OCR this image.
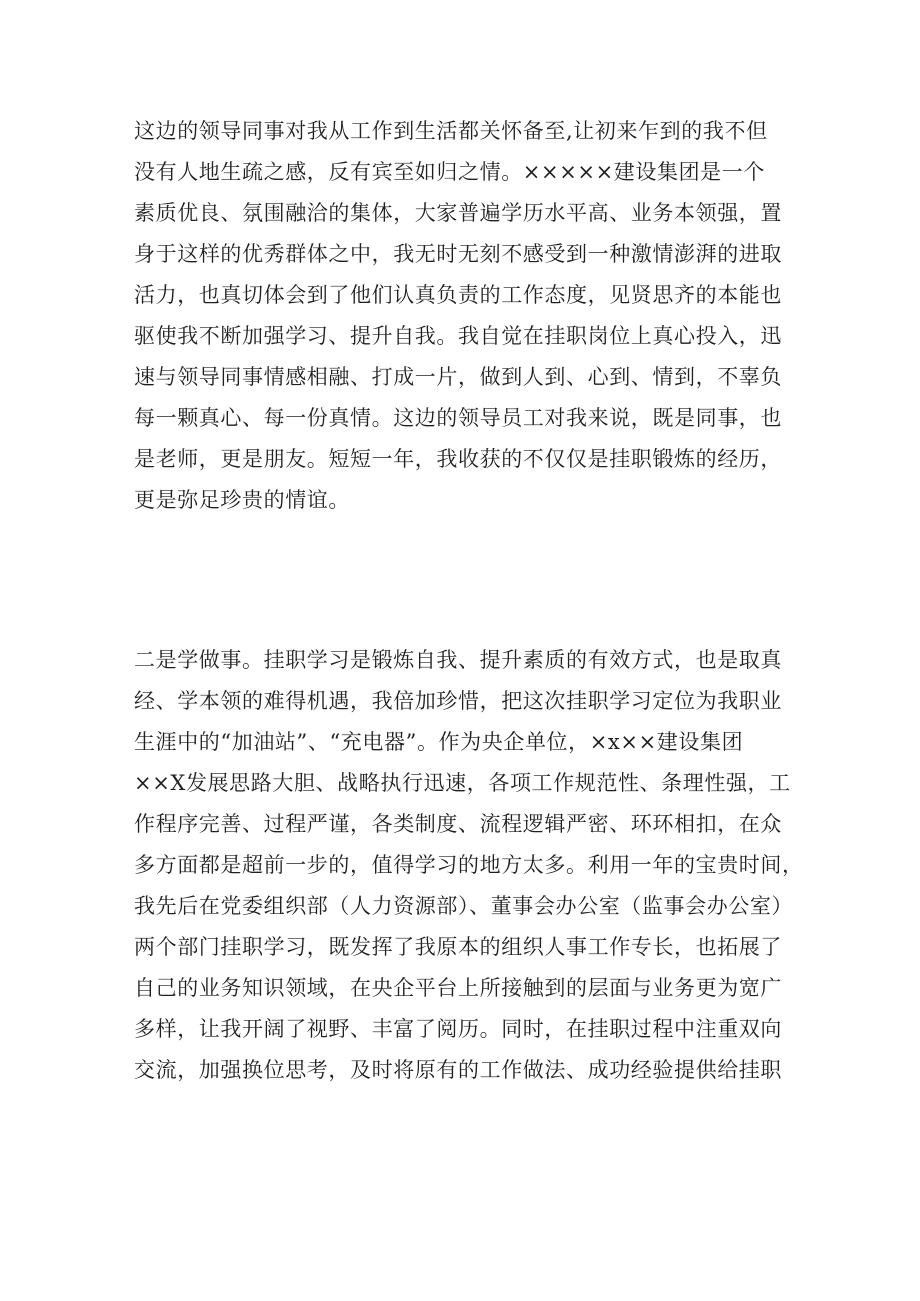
这边的领导同事对我从工作到生活都关怀备至,让初来乍到的我不但
没有人地生疏之感，反有宾至如归之情。×××××建设集团是一个
素质优良、氛围融洽的集体，大家普遍学历水平高、业务本领强，置
身于这样的优秀群体之中，我无时无刻不感受到一种激情澎湃的进取
活力，也真切体会到了他们认真负责的工作态度，见贤思齐的本能也
驱使我不断加强学习、提升自我。我自觉在挂职岗位上真心投入，迅
速与领导同事情感相融、打成一片，做到人到、心到、情到，不辜负
每一颗真心、每一份真情。这边的领导员工对我来说，既是同事，也
是老师，更是朋友。短短一年，我收获的不仅仅是挂职锻炼的经历，
更是弥足珍贵的情谊。
二是学做事。挂职学习是锻炼自我、提升素质的有效方式，也是取真
经、学本领的难得机遇，我倍加珍惜，把这次挂职学习定位为我职业
生涯中的“加油站”、“充电器”。作为央企单位，×x××建设集团
××X发展思路大胆、战略执行迅速，各项工作规范性、条理性强，工
作程序完善、过程严谨，各类制度、流程逻辑严密、环环相扣，在众
多方面都是超前一步的，值得学习的地方太多。利用一年的宝贵时间，
我先后在党委组织部（人力资源部）、董事会办公室（监事会办公室）
两个部门挂职学习，既发挥了我原本的组织人事工作专长，也拓展了
自己的业务知识领域，在央企平台上所接触到的层面与业务更为宽广
多样，让我开阔了视野、丰富了阅历。同时，在挂职过程中注重双向
交流，加强换位思考，及时将原有的工作做法、成功经验提供给挂职
